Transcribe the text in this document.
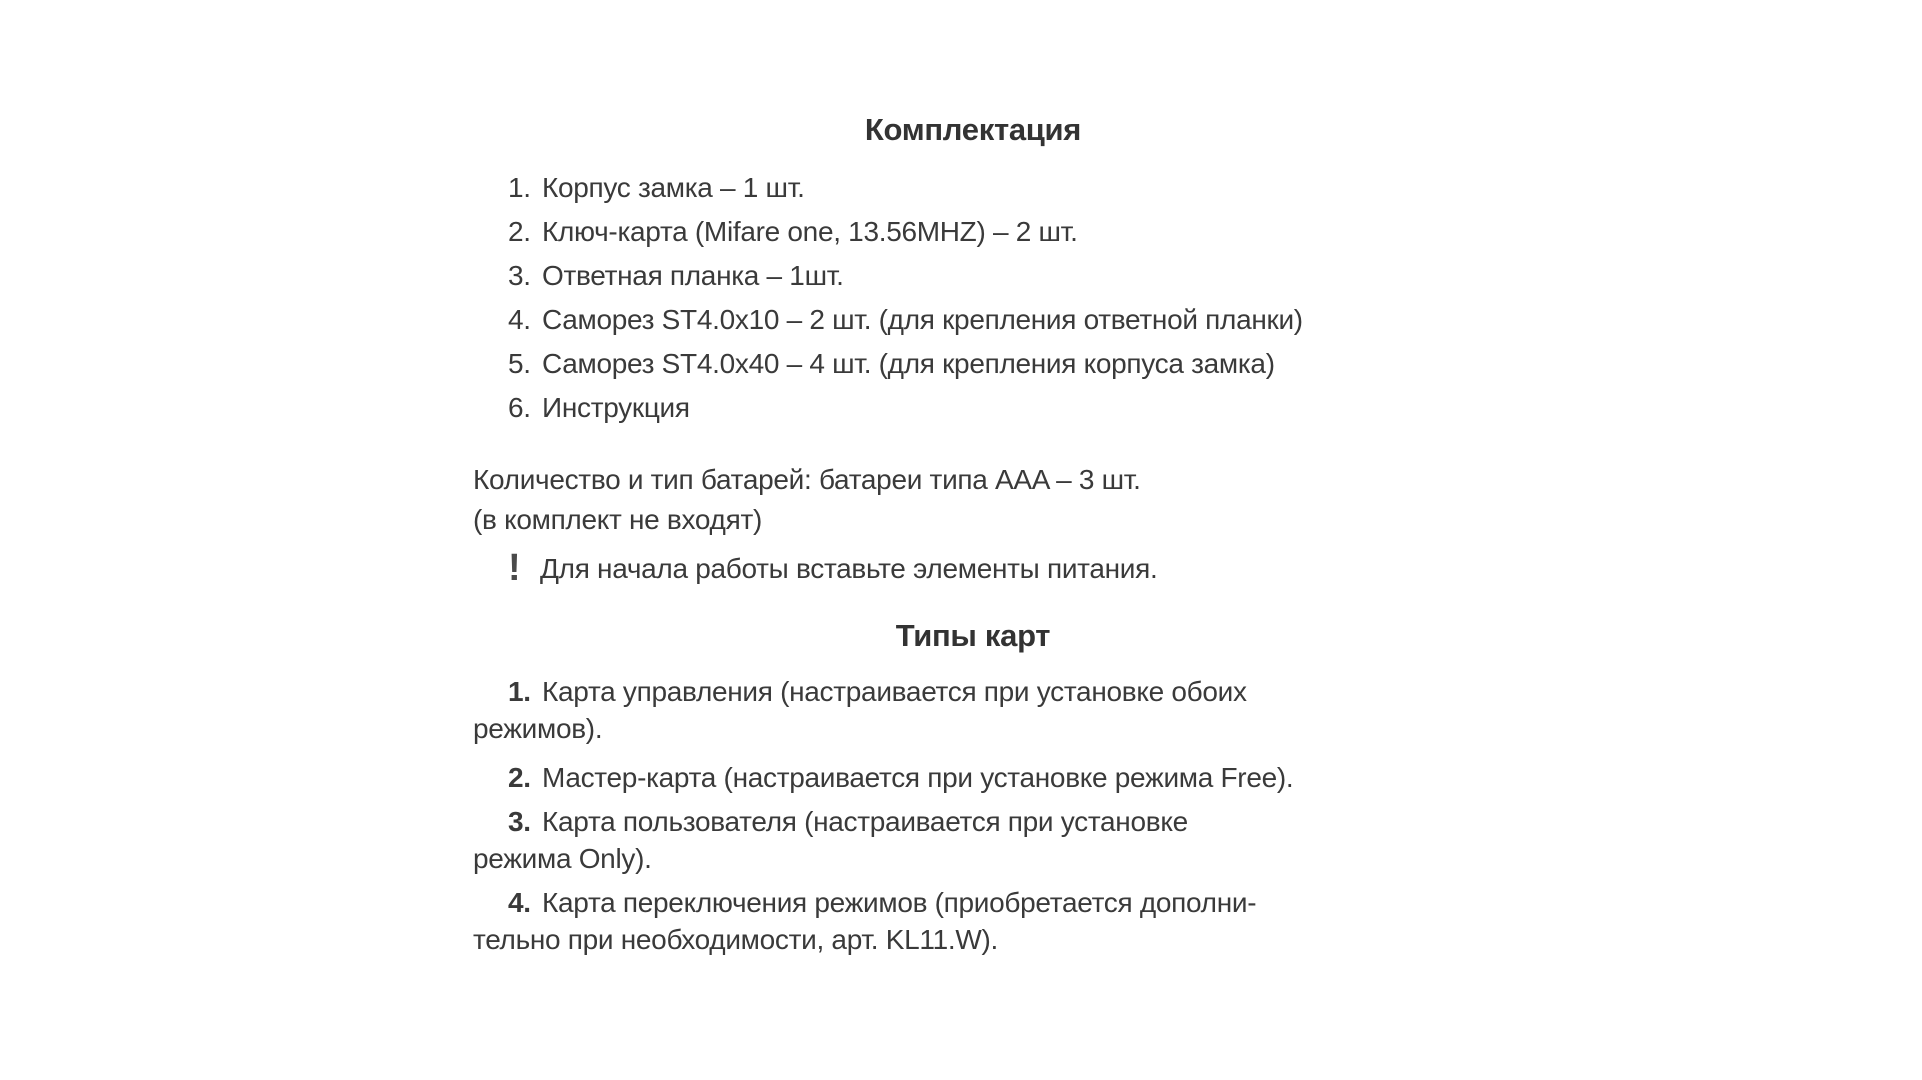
Комплектация
1. Корпус замка – 1 шт.
2. Ключ-карта (Mifare one, 13.56MHZ) – 2 шт.
3. Ответная планка – 1шт.
4. Саморез ST4.0x10 – 2 шт. (для крепления ответной планки)
5. Саморез ST4.0x40 – 4 шт. (для крепления корпуса замка)
6. Инструкция
Количество и тип батарей: батареи типа AAA – 3 шт.
(в комплект не входят)
! Для начала работы вставьте элементы питания.
Типы карт

1. Карта управления (настраивается при установке обоих
режимов).

2. Мастер-карта (настраивается при установке режима Free).

3. Карта пользователя (настраивается при установке
режима Only).

4. Карта переключения режимов (приобретается дополни-
тельно при необходимости, арт. KL11.W).
